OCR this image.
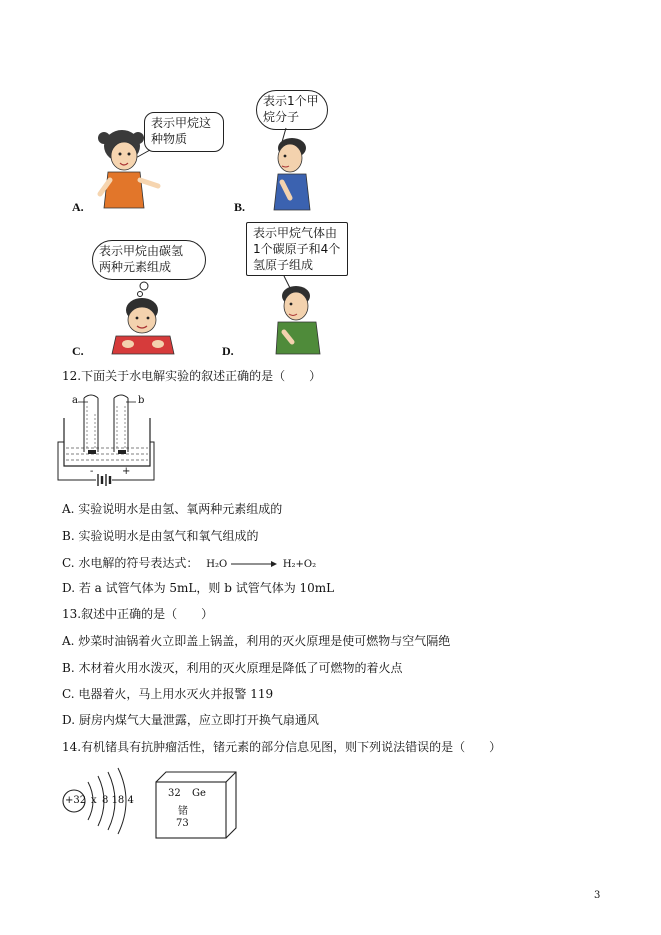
表示甲烷这
种物质
A.
表示1个甲
烷分子
B.
表示甲烷由碳氢
两种元素组成
C.
表示甲烷气体由
1个碳原子和4个
氢原子组成
D.
12.下面关于水电解实验的叙述正确的是（　　）
a	b
-	+
A. 实验说明水是由氢、氧两种元素组成的
B. 实验说明水是由氢气和氧气组成的
C. 水电解的符号表达式： H₂O → H₂+O₂
D. 若 a 试管气体为 5mL，则 b 试管气体为 10mL
13.叙述中正确的是（　　）
A. 炒菜时油锅着火立即盖上锅盖，利用的灭火原理是使可燃物与空气隔绝
B. 木材着火用水泼灭，利用的灭火原理是降低了可燃物的着火点
C. 电器着火，马上用水灭火并报警 119
D. 厨房内煤气大量泄露，应立即打开换气扇通风
14.有机锗具有抗肿瘤活性，锗元素的部分信息见图，则下列说法错误的是（　　）
+32 x 8 18 4
32 Ge
锗
73
3
